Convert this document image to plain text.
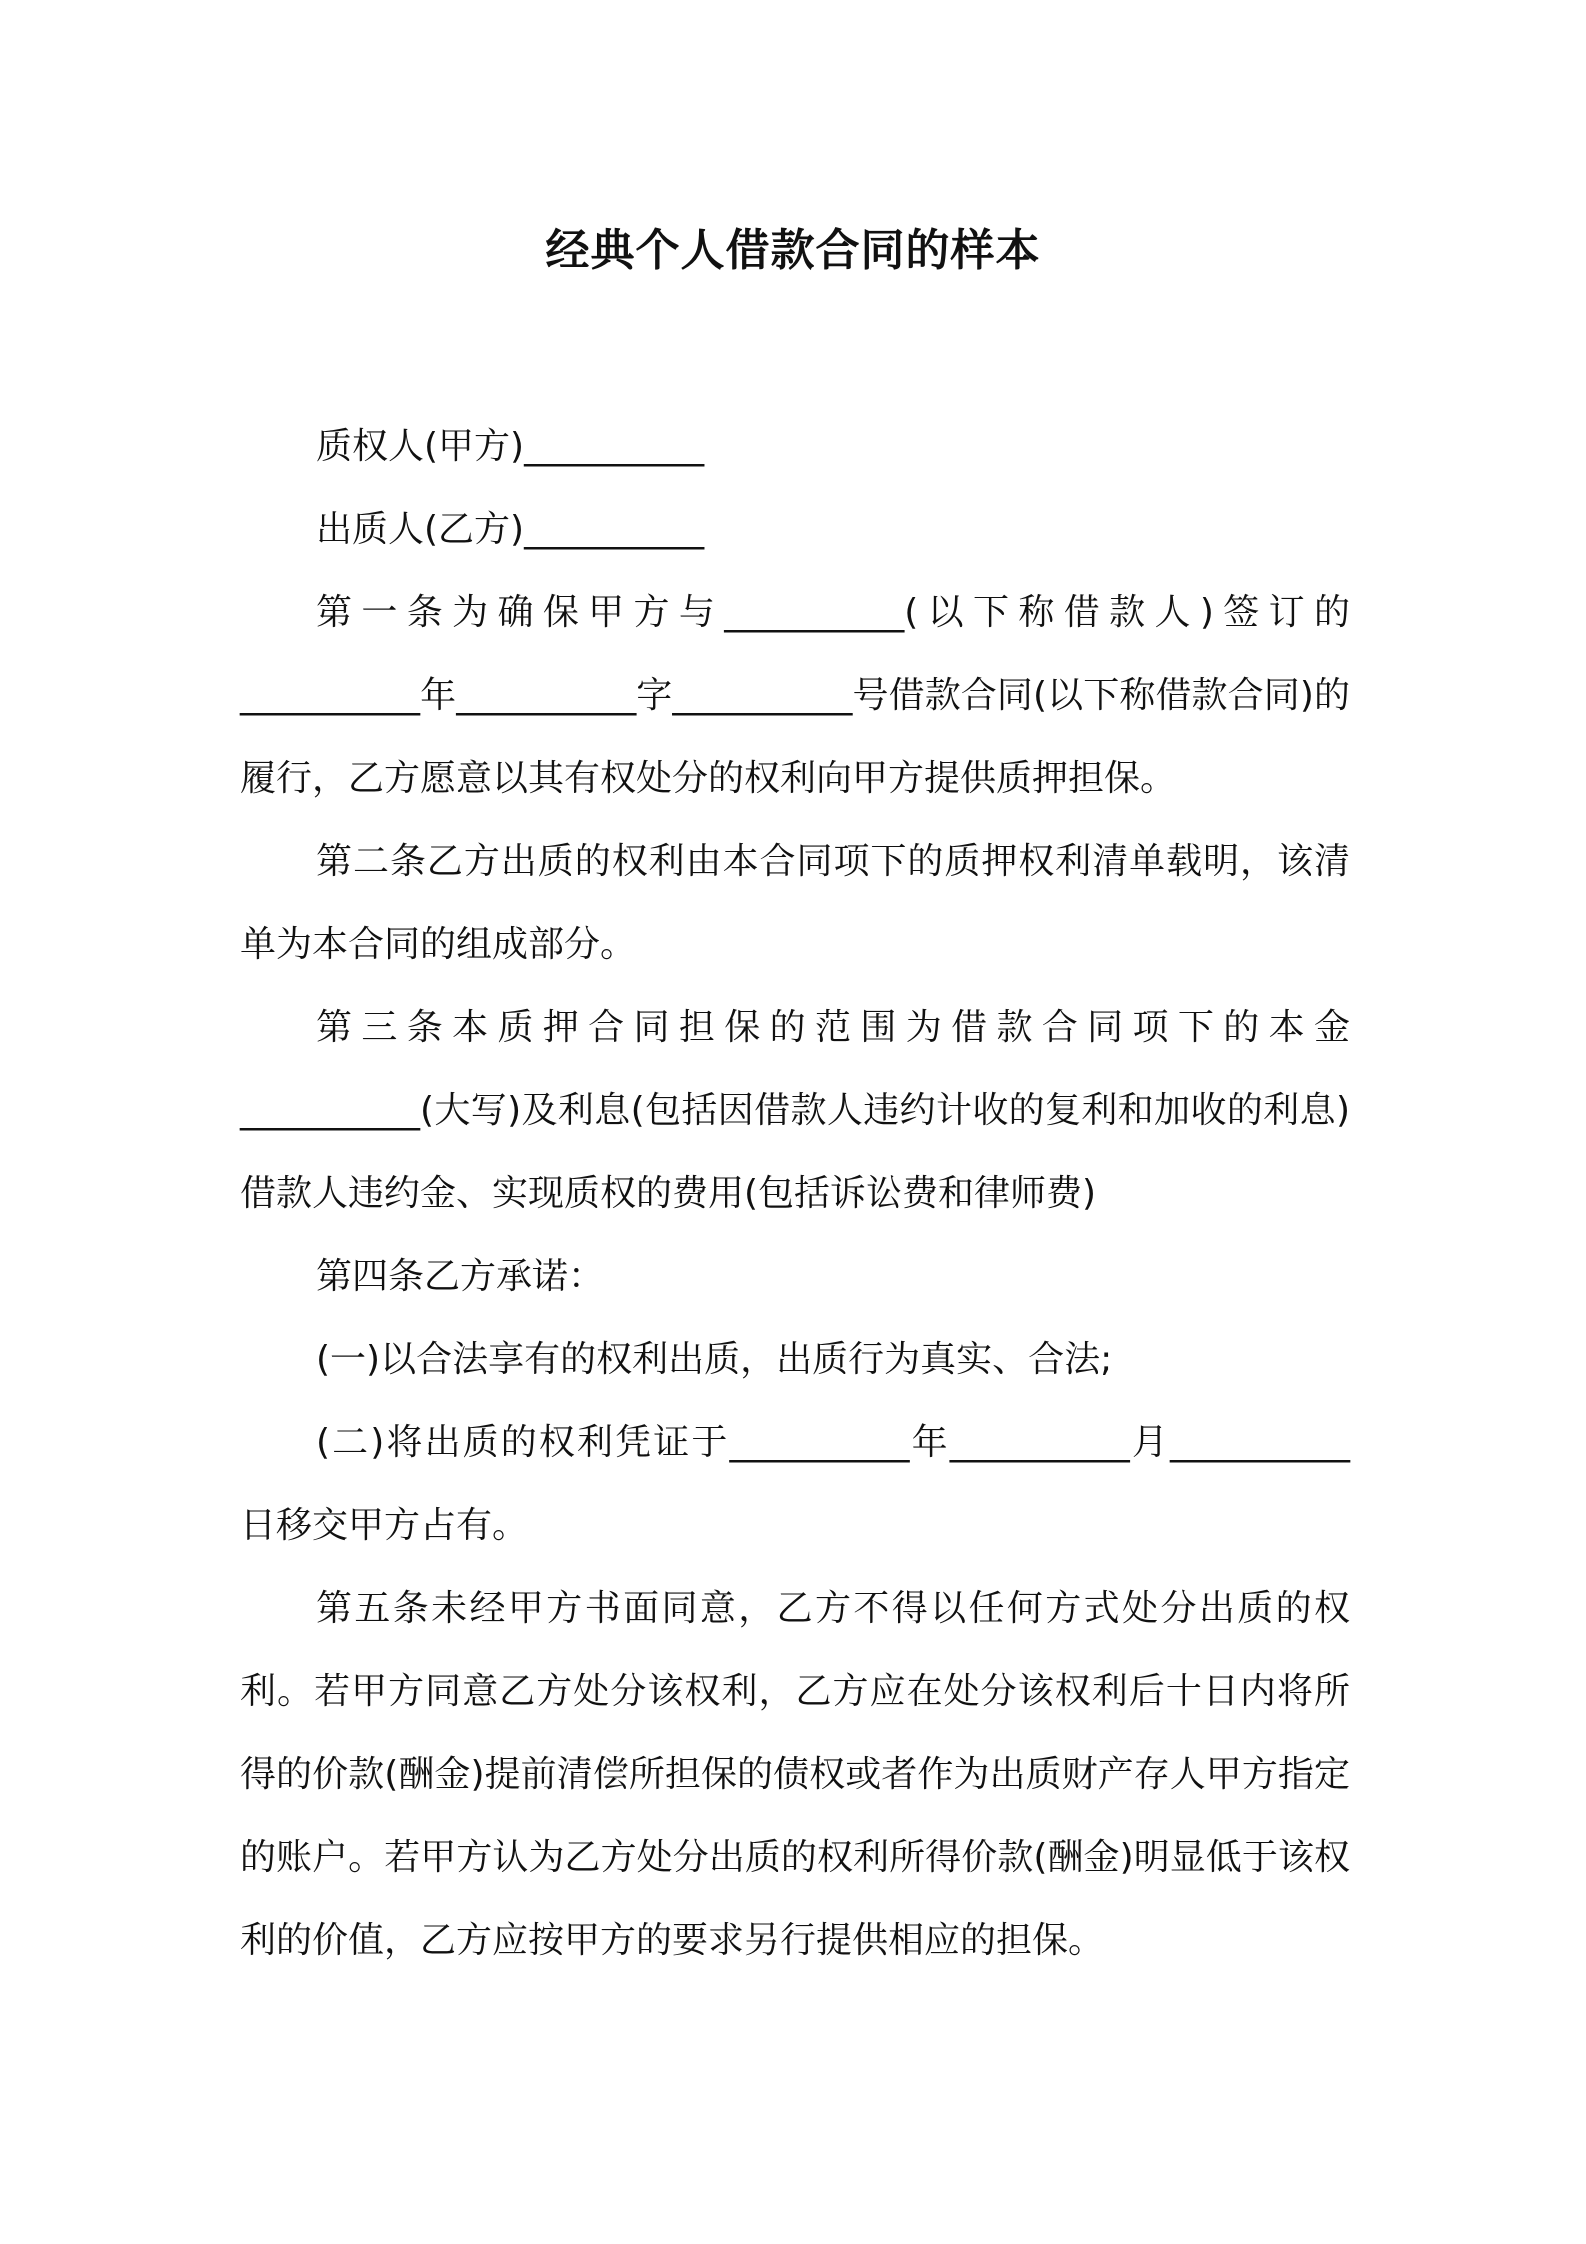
经典个人借款合同的样本

质权人(甲方)__________

出质人(乙方)__________

第一条为确保甲方与__________(以下称借款人)签订的__________年__________字__________号借款合同(以下称借款合同)的履行，乙方愿意以其有权处分的权利向甲方提供质押担保。

第二条乙方出质的权利由本合同项下的质押权利清单载明，该清单为本合同的组成部分。

第三条本质押合同担保的范围为借款合同项下的本金__________(大写)及利息(包括因借款人违约计收的复利和加收的利息)借款人违约金、实现质权的费用(包括诉讼费和律师费)

第四条乙方承诺：

(一)以合法享有的权利出质，出质行为真实、合法;

(二)将出质的权利凭证于__________年__________月__________日移交甲方占有。

第五条未经甲方书面同意，乙方不得以任何方式处分出质的权利。若甲方同意乙方处分该权利，乙方应在处分该权利后十日内将所得的价款(酬金)提前清偿所担保的债权或者作为出质财产存人甲方指定的账户。若甲方认为乙方处分出质的权利所得价款(酬金)明显低于该权利的价值，乙方应按甲方的要求另行提供相应的担保。
